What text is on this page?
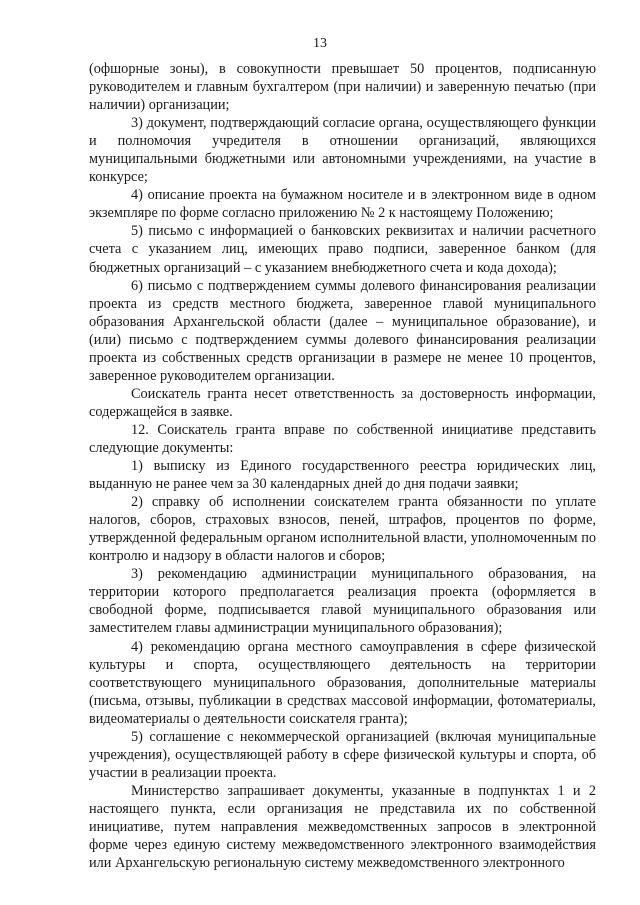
13

(офшорные зоны), в совокупности превышает 50 процентов, подписанную руководителем и главным бухгалтером (при наличии) и заверенную печатью (при наличии) организации;

3) документ, подтверждающий согласие органа, осуществляющего функции и полномочия учредителя в отношении организаций, являющихся муниципальными бюджетными или автономными учреждениями, на участие в конкурсе;

4) описание проекта на бумажном носителе и в электронном виде в одном экземпляре по форме согласно приложению № 2 к настоящему Положению;

5) письмо с информацией о банковских реквизитах и наличии расчетного счета с указанием лиц, имеющих право подписи, заверенное банком (для бюджетных организаций – с указанием внебюджетного счета и кода дохода);

6) письмо с подтверждением суммы долевого финансирования реализации проекта из средств местного бюджета, заверенное главой муниципального образования Архангельской области (далее – муниципальное образование), и (или) письмо с подтверждением суммы долевого финансирования реализации проекта из собственных средств организации в размере не менее 10 процентов, заверенное руководителем организации.

Соискатель гранта несет ответственность за достоверность информации, содержащейся в заявке.

12. Соискатель гранта вправе по собственной инициативе представить следующие документы:

1) выписку из Единого государственного реестра юридических лиц, выданную не ранее чем за 30 календарных дней до дня подачи заявки;

2) справку об исполнении соискателем гранта обязанности по уплате налогов, сборов, страховых взносов, пеней, штрафов, процентов по форме, утвержденной федеральным органом исполнительной власти, уполномоченным по контролю и надзору в области налогов и сборов;

3) рекомендацию администрации муниципального образования, на территории которого предполагается реализация проекта (оформляется в свободной форме, подписывается главой муниципального образования или заместителем главы администрации муниципального образования);

4) рекомендацию органа местного самоуправления в сфере физической культуры и спорта, осуществляющего деятельность на территории соответствующего муниципального образования, дополнительные материалы (письма, отзывы, публикации в средствах массовой информации, фотоматериалы, видеоматериалы о деятельности соискателя гранта);

5) соглашение с некоммерческой организацией (включая муниципальные учреждения), осуществляющей работу в сфере физической культуры и спорта, об участии в реализации проекта.

Министерство запрашивает документы, указанные в подпунктах 1 и 2 настоящего пункта, если организация не представила их по собственной инициативе, путем направления межведомственных запросов в электронной форме через единую систему межведомственного электронного взаимодействия или Архангельскую региональную систему межведомственного электронного
